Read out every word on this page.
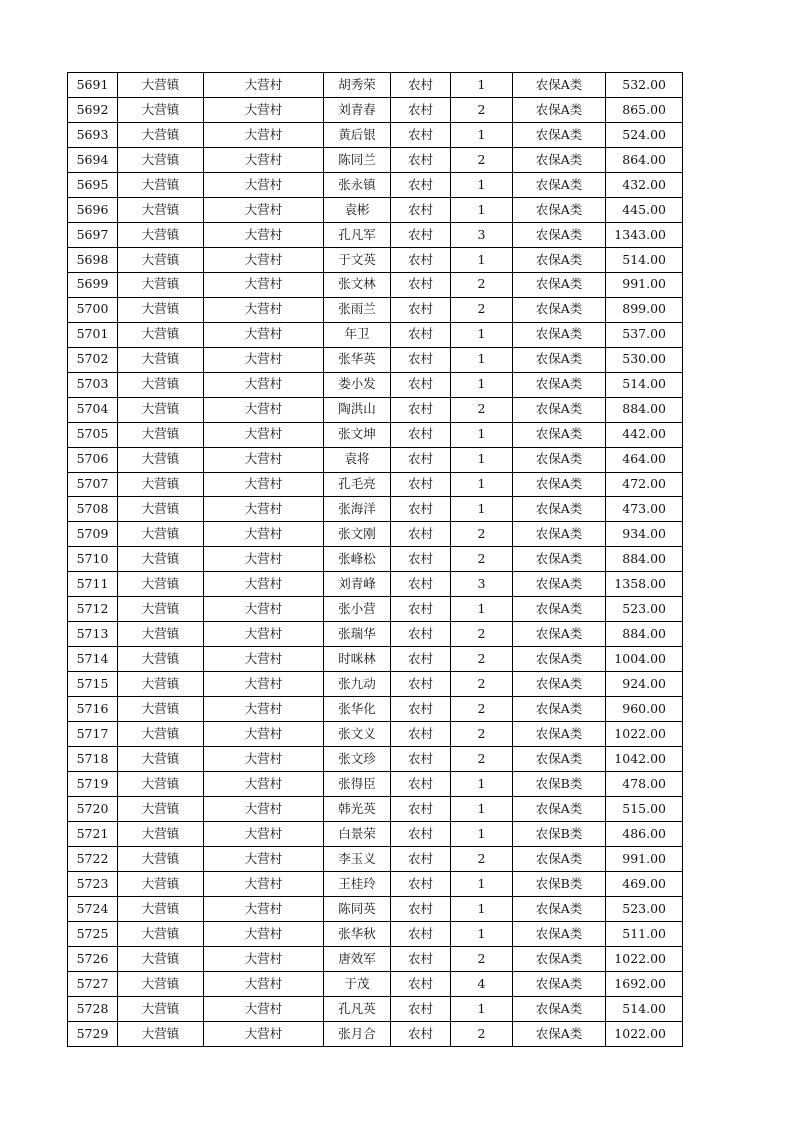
5691	大营镇	大营村	胡秀荣	农村	1	农保A类	532.00
5692	大营镇	大营村	刘青春	农村	2	农保A类	865.00
5693	大营镇	大营村	黄后银	农村	1	农保A类	524.00
5694	大营镇	大营村	陈同兰	农村	2	农保A类	864.00
5695	大营镇	大营村	张永镇	农村	1	农保A类	432.00
5696	大营镇	大营村	袁彬	农村	1	农保A类	445.00
5697	大营镇	大营村	孔凡军	农村	3	农保A类	1343.00
5698	大营镇	大营村	于文英	农村	1	农保A类	514.00
5699	大营镇	大营村	张文林	农村	2	农保A类	991.00
5700	大营镇	大营村	张雨兰	农村	2	农保A类	899.00
5701	大营镇	大营村	年卫	农村	1	农保A类	537.00
5702	大营镇	大营村	张华英	农村	1	农保A类	530.00
5703	大营镇	大营村	娄小发	农村	1	农保A类	514.00
5704	大营镇	大营村	陶洪山	农村	2	农保A类	884.00
5705	大营镇	大营村	张文坤	农村	1	农保A类	442.00
5706	大营镇	大营村	袁将	农村	1	农保A类	464.00
5707	大营镇	大营村	孔毛亮	农村	1	农保A类	472.00
5708	大营镇	大营村	张海洋	农村	1	农保A类	473.00
5709	大营镇	大营村	张文刚	农村	2	农保A类	934.00
5710	大营镇	大营村	张峰松	农村	2	农保A类	884.00
5711	大营镇	大营村	刘青峰	农村	3	农保A类	1358.00
5712	大营镇	大营村	张小营	农村	1	农保A类	523.00
5713	大营镇	大营村	张瑞华	农村	2	农保A类	884.00
5714	大营镇	大营村	时咪林	农村	2	农保A类	1004.00
5715	大营镇	大营村	张九动	农村	2	农保A类	924.00
5716	大营镇	大营村	张华化	农村	2	农保A类	960.00
5717	大营镇	大营村	张文义	农村	2	农保A类	1022.00
5718	大营镇	大营村	张文珍	农村	2	农保A类	1042.00
5719	大营镇	大营村	张得臣	农村	1	农保B类	478.00
5720	大营镇	大营村	韩光英	农村	1	农保A类	515.00
5721	大营镇	大营村	白景荣	农村	1	农保B类	486.00
5722	大营镇	大营村	李玉义	农村	2	农保A类	991.00
5723	大营镇	大营村	王桂玲	农村	1	农保B类	469.00
5724	大营镇	大营村	陈同英	农村	1	农保A类	523.00
5725	大营镇	大营村	张华秋	农村	1	农保A类	511.00
5726	大营镇	大营村	唐效军	农村	2	农保A类	1022.00
5727	大营镇	大营村	于茂	农村	4	农保A类	1692.00
5728	大营镇	大营村	孔凡英	农村	1	农保A类	514.00
5729	大营镇	大营村	张月合	农村	2	农保A类	1022.00
